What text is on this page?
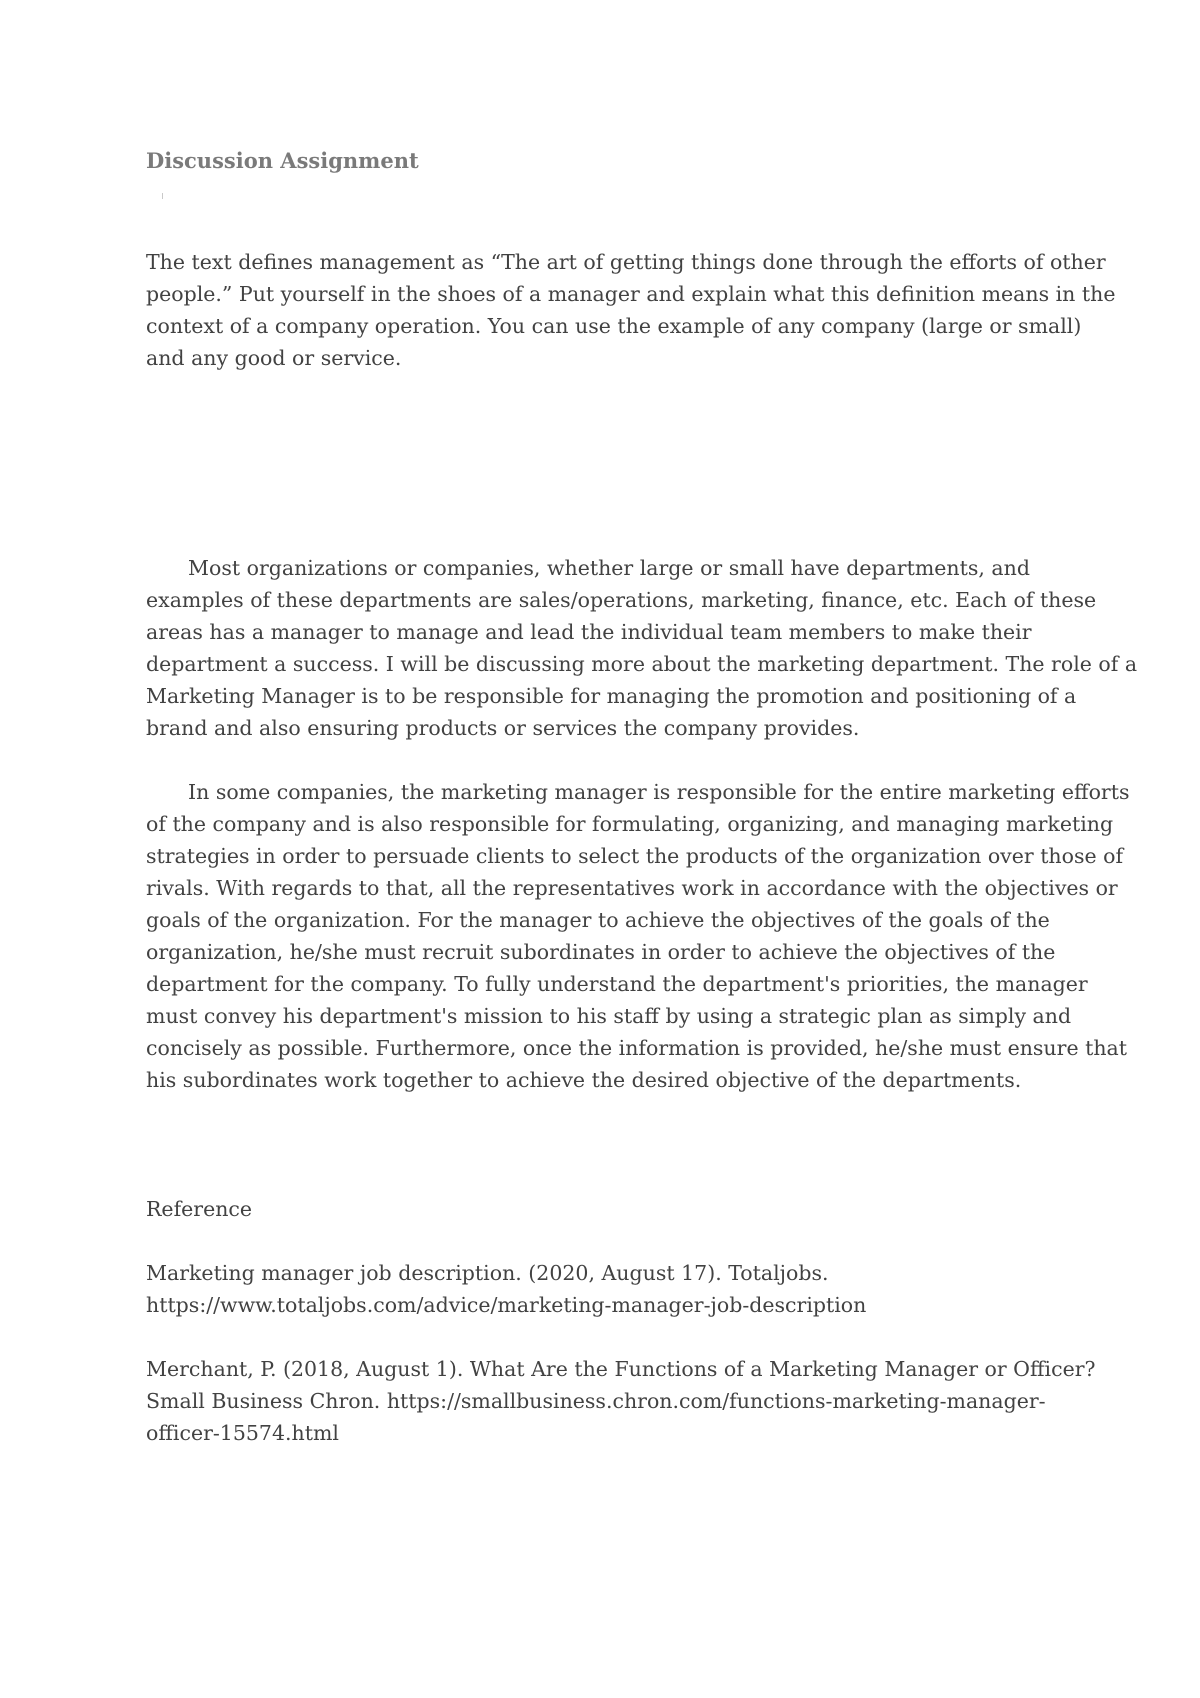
Discussion Assignment

The text defines management as “The art of getting things done through the efforts of other
people.” Put yourself in the shoes of a manager and explain what this definition means in the
context of a company operation. You can use the example of any company (large or small)
and any good or service.

Most organizations or companies, whether large or small have departments, and
examples of these departments are sales/operations, marketing, finance, etc. Each of these
areas has a manager to manage and lead the individual team members to make their
department a success. I will be discussing more about the marketing department. The role of a
Marketing Manager is to be responsible for managing the promotion and positioning of a
brand and also ensuring products or services the company provides.

In some companies, the marketing manager is responsible for the entire marketing efforts
of the company and is also responsible for formulating, organizing, and managing marketing
strategies in order to persuade clients to select the products of the organization over those of
rivals. With regards to that, all the representatives work in accordance with the objectives or
goals of the organization. For the manager to achieve the objectives of the goals of the
organization, he/she must recruit subordinates in order to achieve the objectives of the
department for the company. To fully understand the department's priorities, the manager
must convey his department's mission to his staff by using a strategic plan as simply and
concisely as possible. Furthermore, once the information is provided, he/she must ensure that
his subordinates work together to achieve the desired objective of the departments.

Reference

Marketing manager job description. (2020, August 17). Totaljobs.
https://www.totaljobs.com/advice/marketing-manager-job-description

Merchant, P. (2018, August 1). What Are the Functions of a Marketing Manager or Officer?
Small Business Chron. https://smallbusiness.chron.com/functions-marketing-manager-
officer-15574.html
